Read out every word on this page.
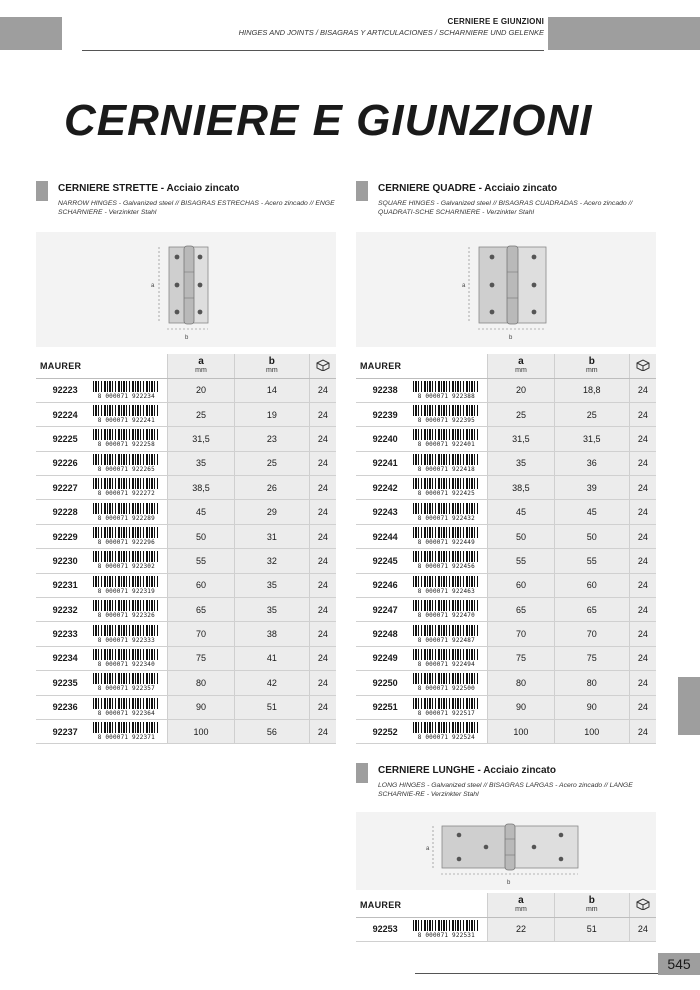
CERNIERE E GIUNZIONI
HINGES AND JOINTS / BISAGRAS Y ARTICULACIONES / SCHARNIERE UND GELENKE
CERNIERE E GIUNZIONI
CERNIERE STRETTE - Acciaio zincato
NARROW HINGES - Galvanized steel // BISAGRAS ESTRECHAS - Acero zincado // ENGE SCHARNIERE - Verzinkter Stahl
a
b
CERNIERE QUADRE - Acciaio zincato
SQUARE HINGES - Galvanized steel // BISAGRAS CUADRADAS - Acero zincado // QUADRATI-SCHE SCHARNIERE - Verzinkter Stahl
a
b
MAURER		a
mm	b
mm

92223	8 000071 922234	20	14	24
92224	8 000071 922241	25	19	24
92225	8 000071 922258	31,5	23	24
92226	8 000071 922265	35	25	24
92227	8 000071 922272	38,5	26	24
92228	8 000071 922289	45	29	24
92229	8 000071 922296	50	31	24
92230	8 000071 922302	55	32	24
92231	8 000071 922319	60	35	24
92232	8 000071 922326	65	35	24
92233	8 000071 922333	70	38	24
92234	8 000071 922340	75	41	24
92235	8 000071 922357	80	42	24
92236	8 000071 922364	90	51	24
92237	8 000071 922371	100	56	24
MAURER		a
mm	b
mm

92238	8 000071 922388	20	18,8	24
92239	8 000071 922395	25	25	24
92240	8 000071 922401	31,5	31,5	24
92241	8 000071 922418	35	36	24
92242	8 000071 922425	38,5	39	24
92243	8 000071 922432	45	45	24
92244	8 000071 922449	50	50	24
92245	8 000071 922456	55	55	24
92246	8 000071 922463	60	60	24
92247	8 000071 922470	65	65	24
92248	8 000071 922487	70	70	24
92249	8 000071 922494	75	75	24
92250	8 000071 922500	80	80	24
92251	8 000071 922517	90	90	24
92252	8 000071 922524	100	100	24
CERNIERE LUNGHE - Acciaio zincato
LONG HINGES - Galvanized steel // BISAGRAS LARGAS - Acero zincado // LANGE SCHARNIE-RE - Verzinkter Stahl
a
b
MAURER		a
mm	b
mm

92253	8 000071 922531	22	51	24
545
